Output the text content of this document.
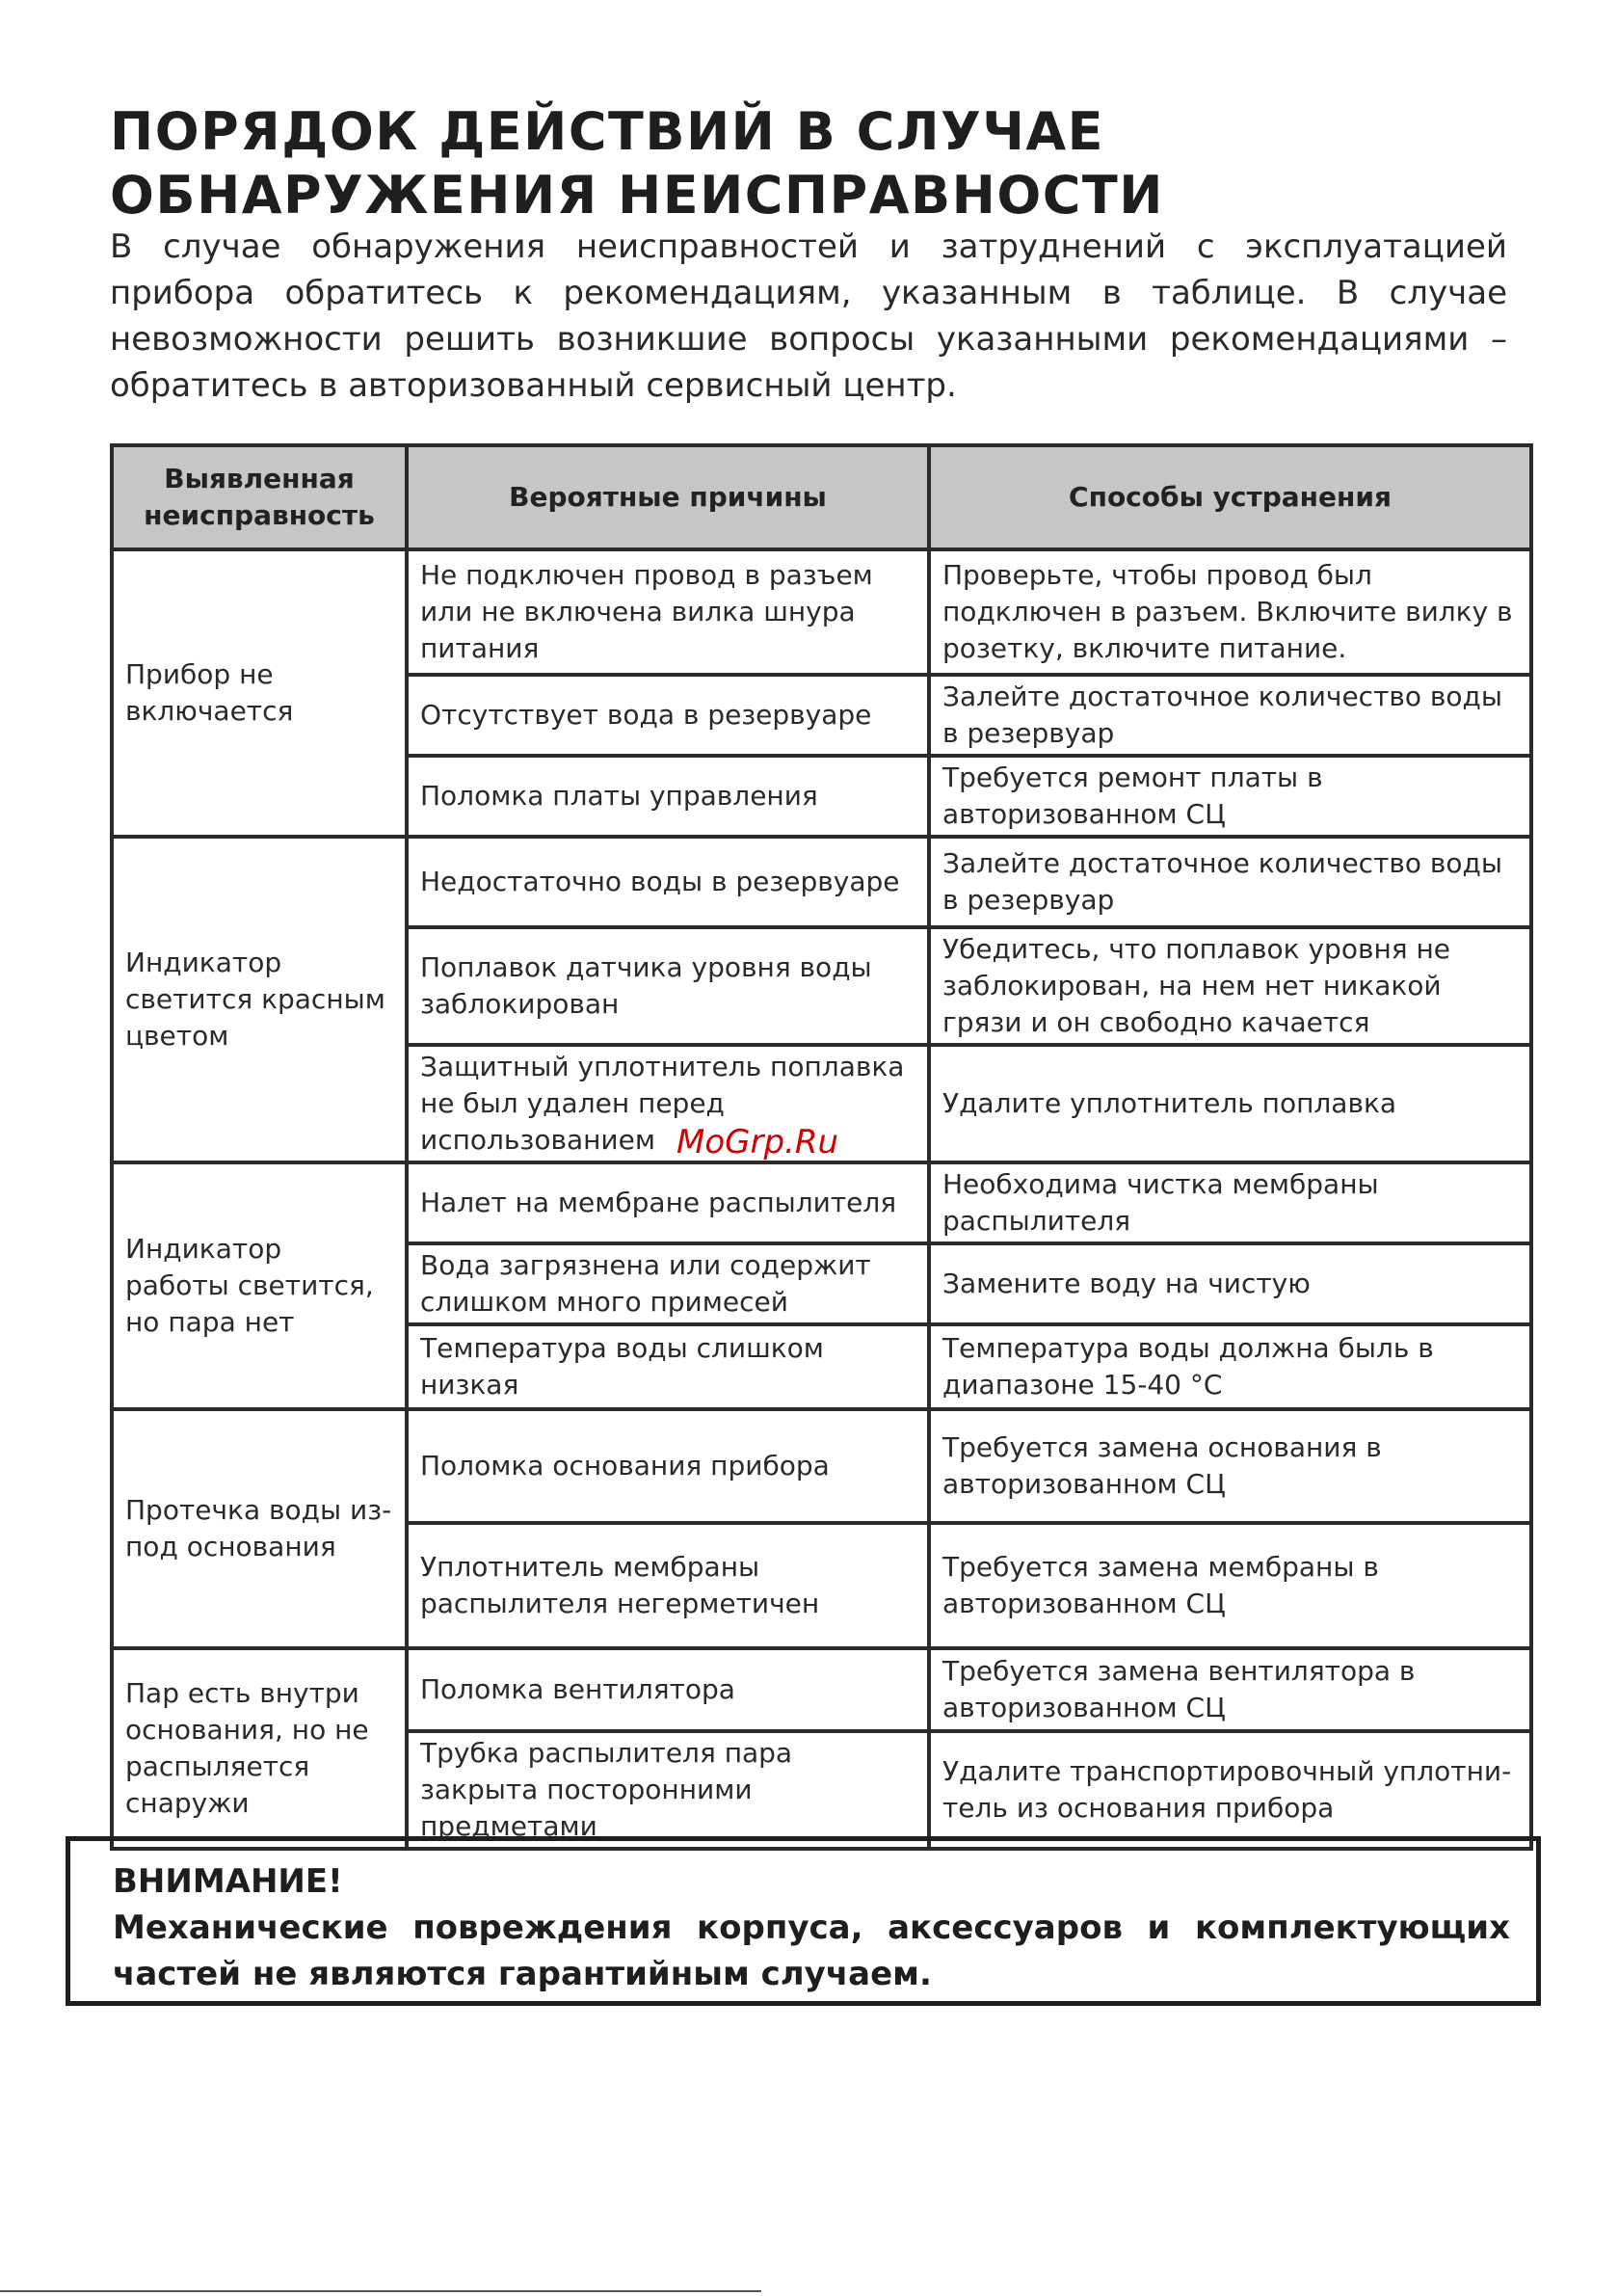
ПОРЯДОК ДЕЙСТВИЙ В СЛУЧАЕ ОБНАРУЖЕНИЯ НЕИСПРАВНОСТИ

В случае обнаружения неисправностей и затруднений с эксплуатацией прибора обратитесь к рекомендациям, указанным в таблице. В случае невозможности решить возникшие вопросы указанными рекомендациями – обратитесь в авторизованный сервисный центр.

Выявленная неисправность	Вероятные причины	Способы устранения
Прибор не включается	Не подключен провод в разъем или не включена вилка шнура питания	Проверьте, чтобы провод был подключен в разъем. Включите вилку в розетку, включите питание.
	Отсутствует вода в резервуаре	Залейте достаточное количество воды в резервуар
	Поломка платы управления	Требуется ремонт платы в авторизованном СЦ
Индикатор светится красным цветом	Недостаточно воды в резервуаре	Залейте достаточное количество воды в резервуар
	Поплавок датчика уровня воды заблокирован	Убедитесь, что поплавок уровня не заблокирован, на нем нет никакой грязи и он свободно качается
	Защитный уплотнитель поплавка не был удален перед использованием	Удалите уплотнитель поплавка
Индикатор работы светится, но пара нет	Налет на мембране распылителя	Необходима чистка мембраны распылителя
	Вода загрязнена или содержит слишком много примесей	Замените воду на чистую
	Температура воды слишком низкая	Температура воды должна быль в диапазоне 15-40 °С
Протечка воды из-под основания	Поломка основания прибора	Требуется замена основания в авторизованном СЦ
	Уплотнитель мембраны распылителя негерметичен	Требуется замена мембраны в авторизованном СЦ
Пар есть внутри основания, но не распыляется снаружи	Поломка вентилятора	Требуется замена вентилятора в авторизованном СЦ
	Трубка распылителя пара закрыта посторонними предметами	Удалите транспортировочный уплотни-тель из основания прибора
MoGrp.Ru

ВНИМАНИЕ!

Механические повреждения корпуса, аксессуаров и комплектующих частей не являются гарантийным случаем.
